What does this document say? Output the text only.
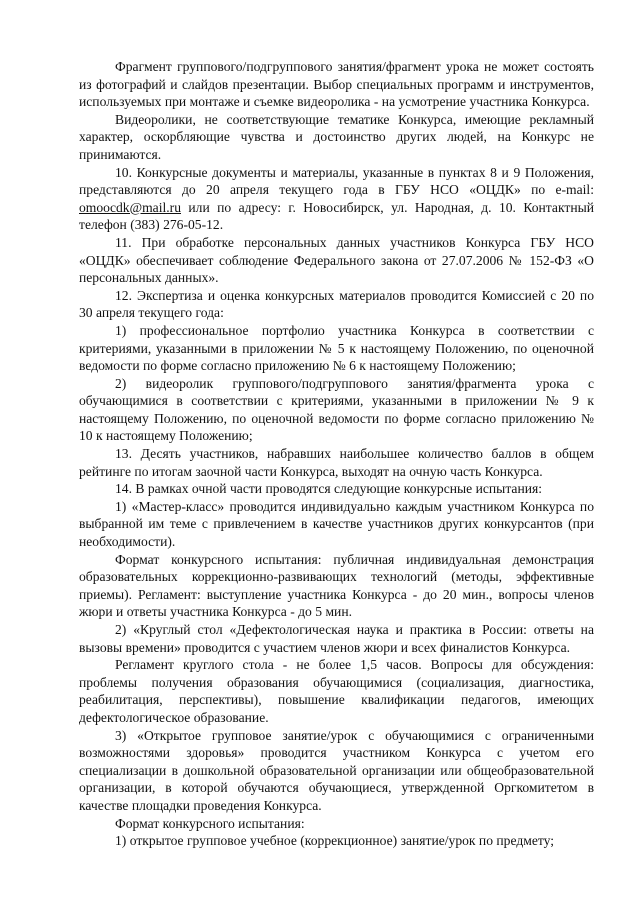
Фрагмент группового/подгруппового занятия/фрагмент урока не может состоять из фотографий и слайдов презентации. Выбор специальных программ и инструментов, используемых при монтаже и съемке видеоролика - на усмотрение участника Конкурса.

Видеоролики, не соответствующие тематике Конкурса, имеющие рекламный характер, оскорбляющие чувства и достоинство других людей, на Конкурс не принимаются.

10. Конкурсные документы и материалы, указанные в пунктах 8 и 9 Положения, представляются до 20 апреля текущего года в ГБУ НСО «ОЦДК» по e-mail: omoocdk@mail.ru или по адресу: г. Новосибирск, ул. Народная, д. 10. Контактный телефон (383) 276-05-12.

11. При обработке персональных данных участников Конкурса ГБУ НСО «ОЦДК» обеспечивает соблюдение Федерального закона от 27.07.2006 № 152-ФЗ «О персональных данных».

12. Экспертиза и оценка конкурсных материалов проводится Комиссией с 20 по 30 апреля текущего года:

1) профессиональное портфолио участника Конкурса в соответствии с критериями, указанными в приложении № 5 к настоящему Положению, по оценочной ведомости по форме согласно приложению № 6 к настоящему Положению;

2) видеоролик группового/подгруппового занятия/фрагмента урока с обучающимися в соответствии с критериями, указанными в приложении № 9 к настоящему Положению, по оценочной ведомости по форме согласно приложению № 10 к настоящему Положению;

13. Десять участников, набравших наибольшее количество баллов в общем рейтинге по итогам заочной части Конкурса, выходят на очную часть Конкурса.

14. В рамках очной части проводятся следующие конкурсные испытания:

1) «Мастер-класс» проводится индивидуально каждым участником Конкурса по выбранной им теме с привлечением в качестве участников других конкурсантов (при необходимости).

Формат конкурсного испытания: публичная индивидуальная демонстрация образовательных коррекционно-развивающих технологий (методы, эффективные приемы). Регламент: выступление участника Конкурса - до 20 мин., вопросы членов жюри и ответы участника Конкурса - до 5 мин.

2) «Круглый стол «Дефектологическая наука и практика в России: ответы на вызовы времени» проводится с участием членов жюри и всех финалистов Конкурса.

Регламент круглого стола - не более 1,5 часов. Вопросы для обсуждения: проблемы получения образования обучающимися (социализация, диагностика, реабилитация, перспективы), повышение квалификации педагогов, имеющих дефектологическое образование.

3) «Открытое групповое занятие/урок с обучающимися с ограниченными возможностями здоровья» проводится участником Конкурса с учетом его специализации в дошкольной образовательной организации или общеобразовательной организации, в которой обучаются обучающиеся, утвержденной Оргкомитетом в качестве площадки проведения Конкурса.

Формат конкурсного испытания:

1) открытое групповое учебное (коррекционное) занятие/урок по предмету;
